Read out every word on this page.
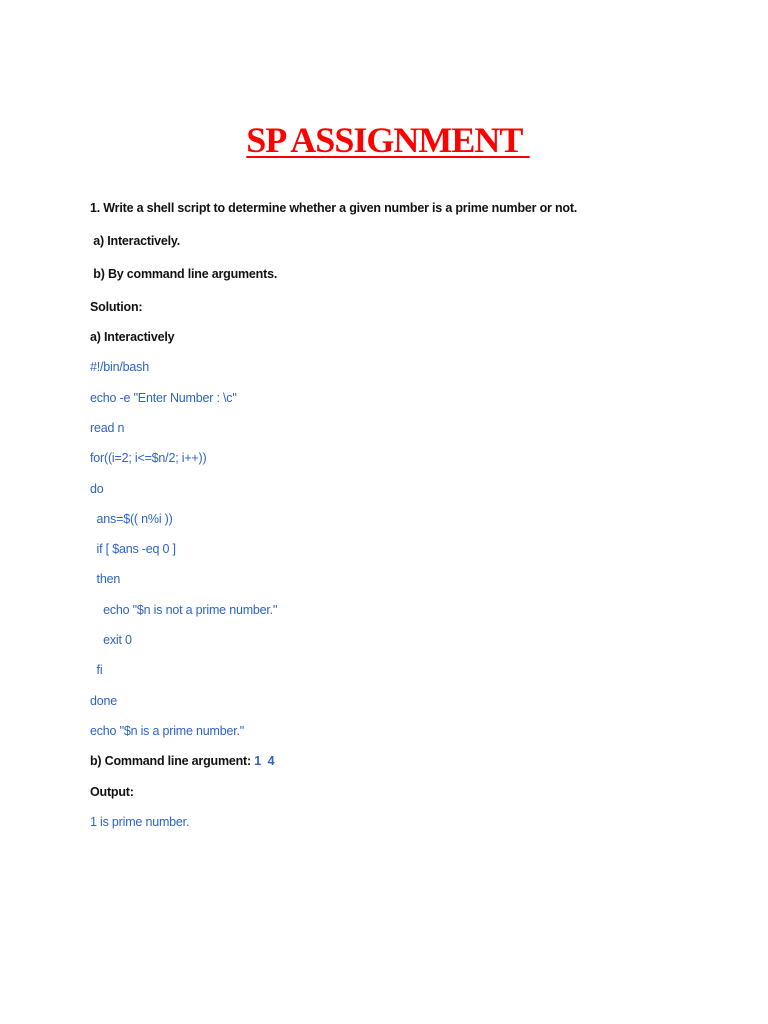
SP ASSIGNMENT
1. Write a shell script to determine whether a given number is a prime number or not.
a) Interactively.
b) By command line arguments.
Solution:
a) Interactively
#!/bin/bash
echo -e "Enter Number : \c"
read n
for((i=2; i<=$n/2; i++))
do
ans=$(( n%i ))
if [ $ans -eq 0 ]
then
echo "$n is not a prime number."
exit 0
fi
done
echo "$n is a prime number."
b) Command line argument: 1  4
Output:
1 is prime number.
